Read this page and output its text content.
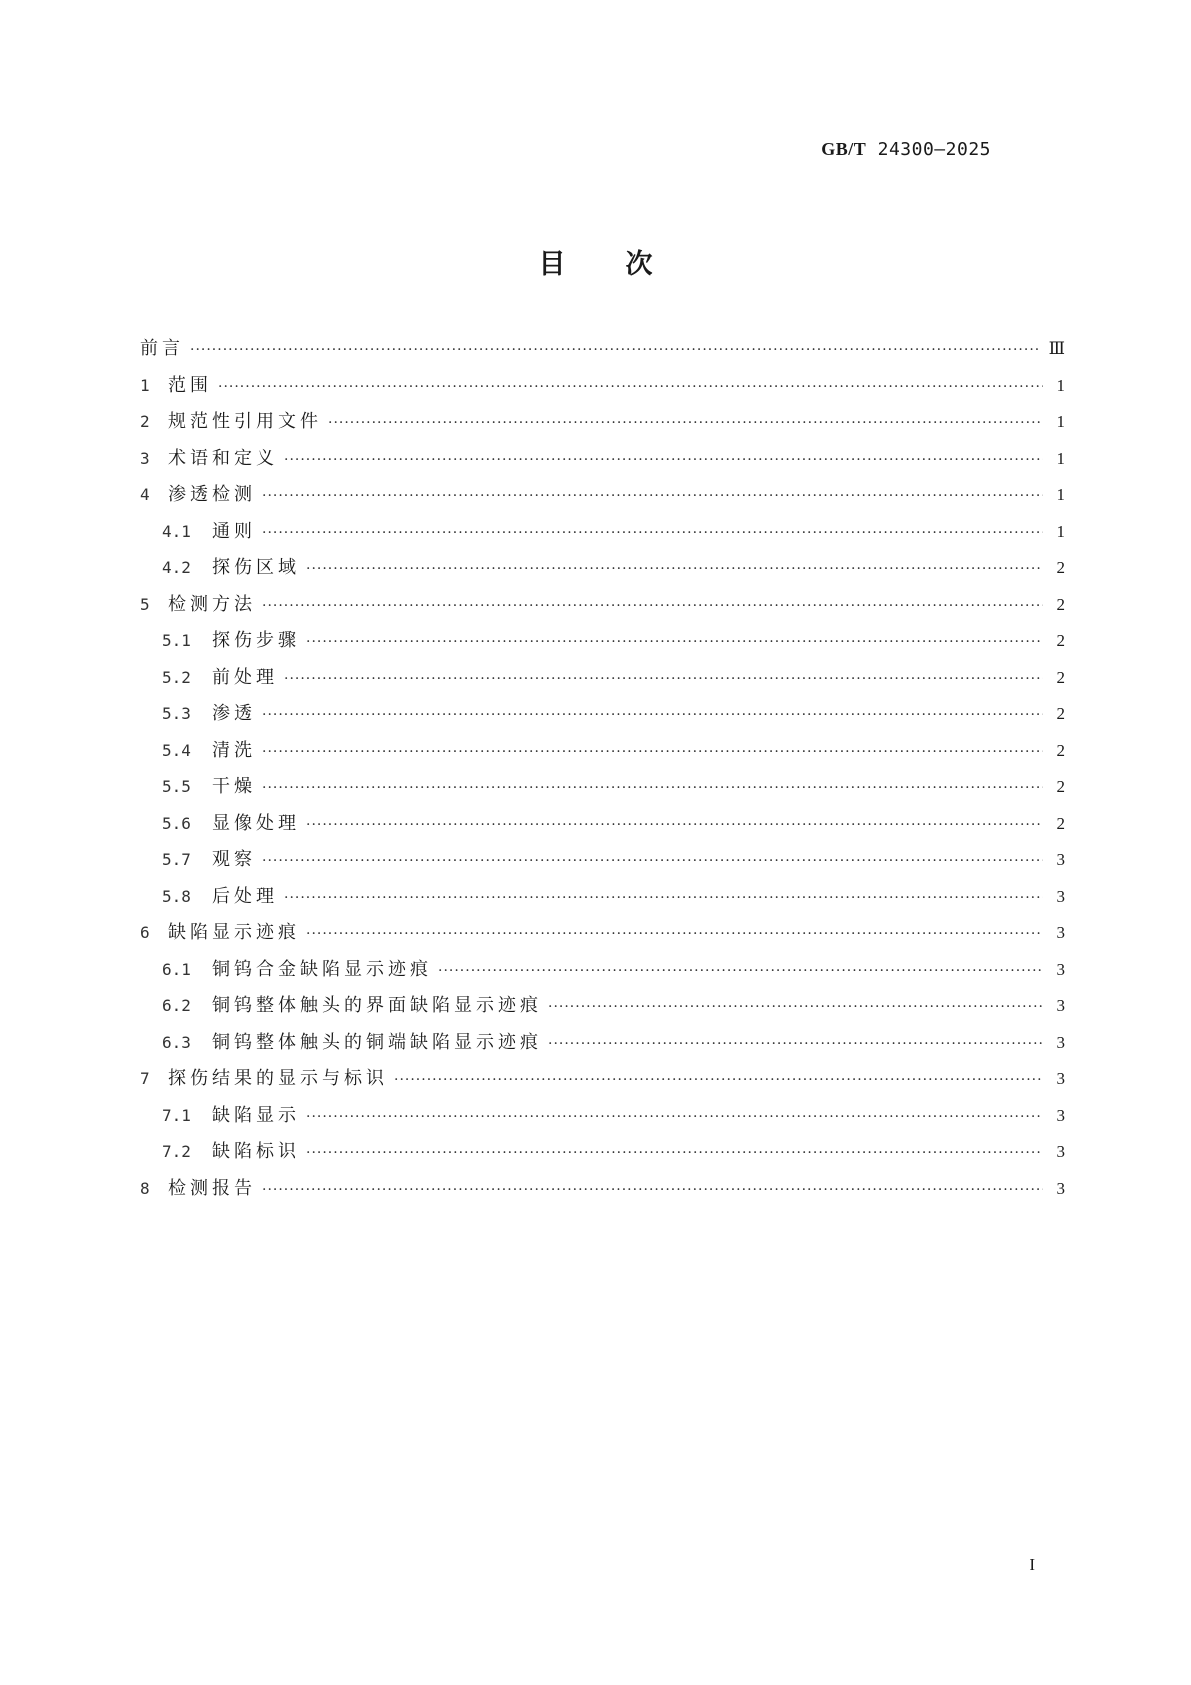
GB/T 24300—2025
目 次
前言 ·····	Ⅲ
1	范围 ·····	1
2	规范性引用文件 ·····	1
3	术语和定义 ·····	1
4	渗透检测 ·····	1
4.1	通则 ·····	1
4.2	探伤区域 ·····	2
5	检测方法 ·····	2
5.1	探伤步骤 ·····	2
5.2	前处理 ·····	2
5.3	渗透 ·····	2
5.4	清洗 ·····	2
5.5	干燥 ·····	2
5.6	显像处理 ·····	2
5.7	观察 ·····	3
5.8	后处理 ·····	3
6	缺陷显示迹痕 ·····	3
6.1	铜钨合金缺陷显示迹痕 ·····	3
6.2	铜钨整体触头的界面缺陷显示迹痕 ·····	3
6.3	铜钨整体触头的铜端缺陷显示迹痕 ·····	3
7	探伤结果的显示与标识 ·····	3
7.1	缺陷显示 ·····	3
7.2	缺陷标识 ·····	3
8	检测报告 ·····	3
I
